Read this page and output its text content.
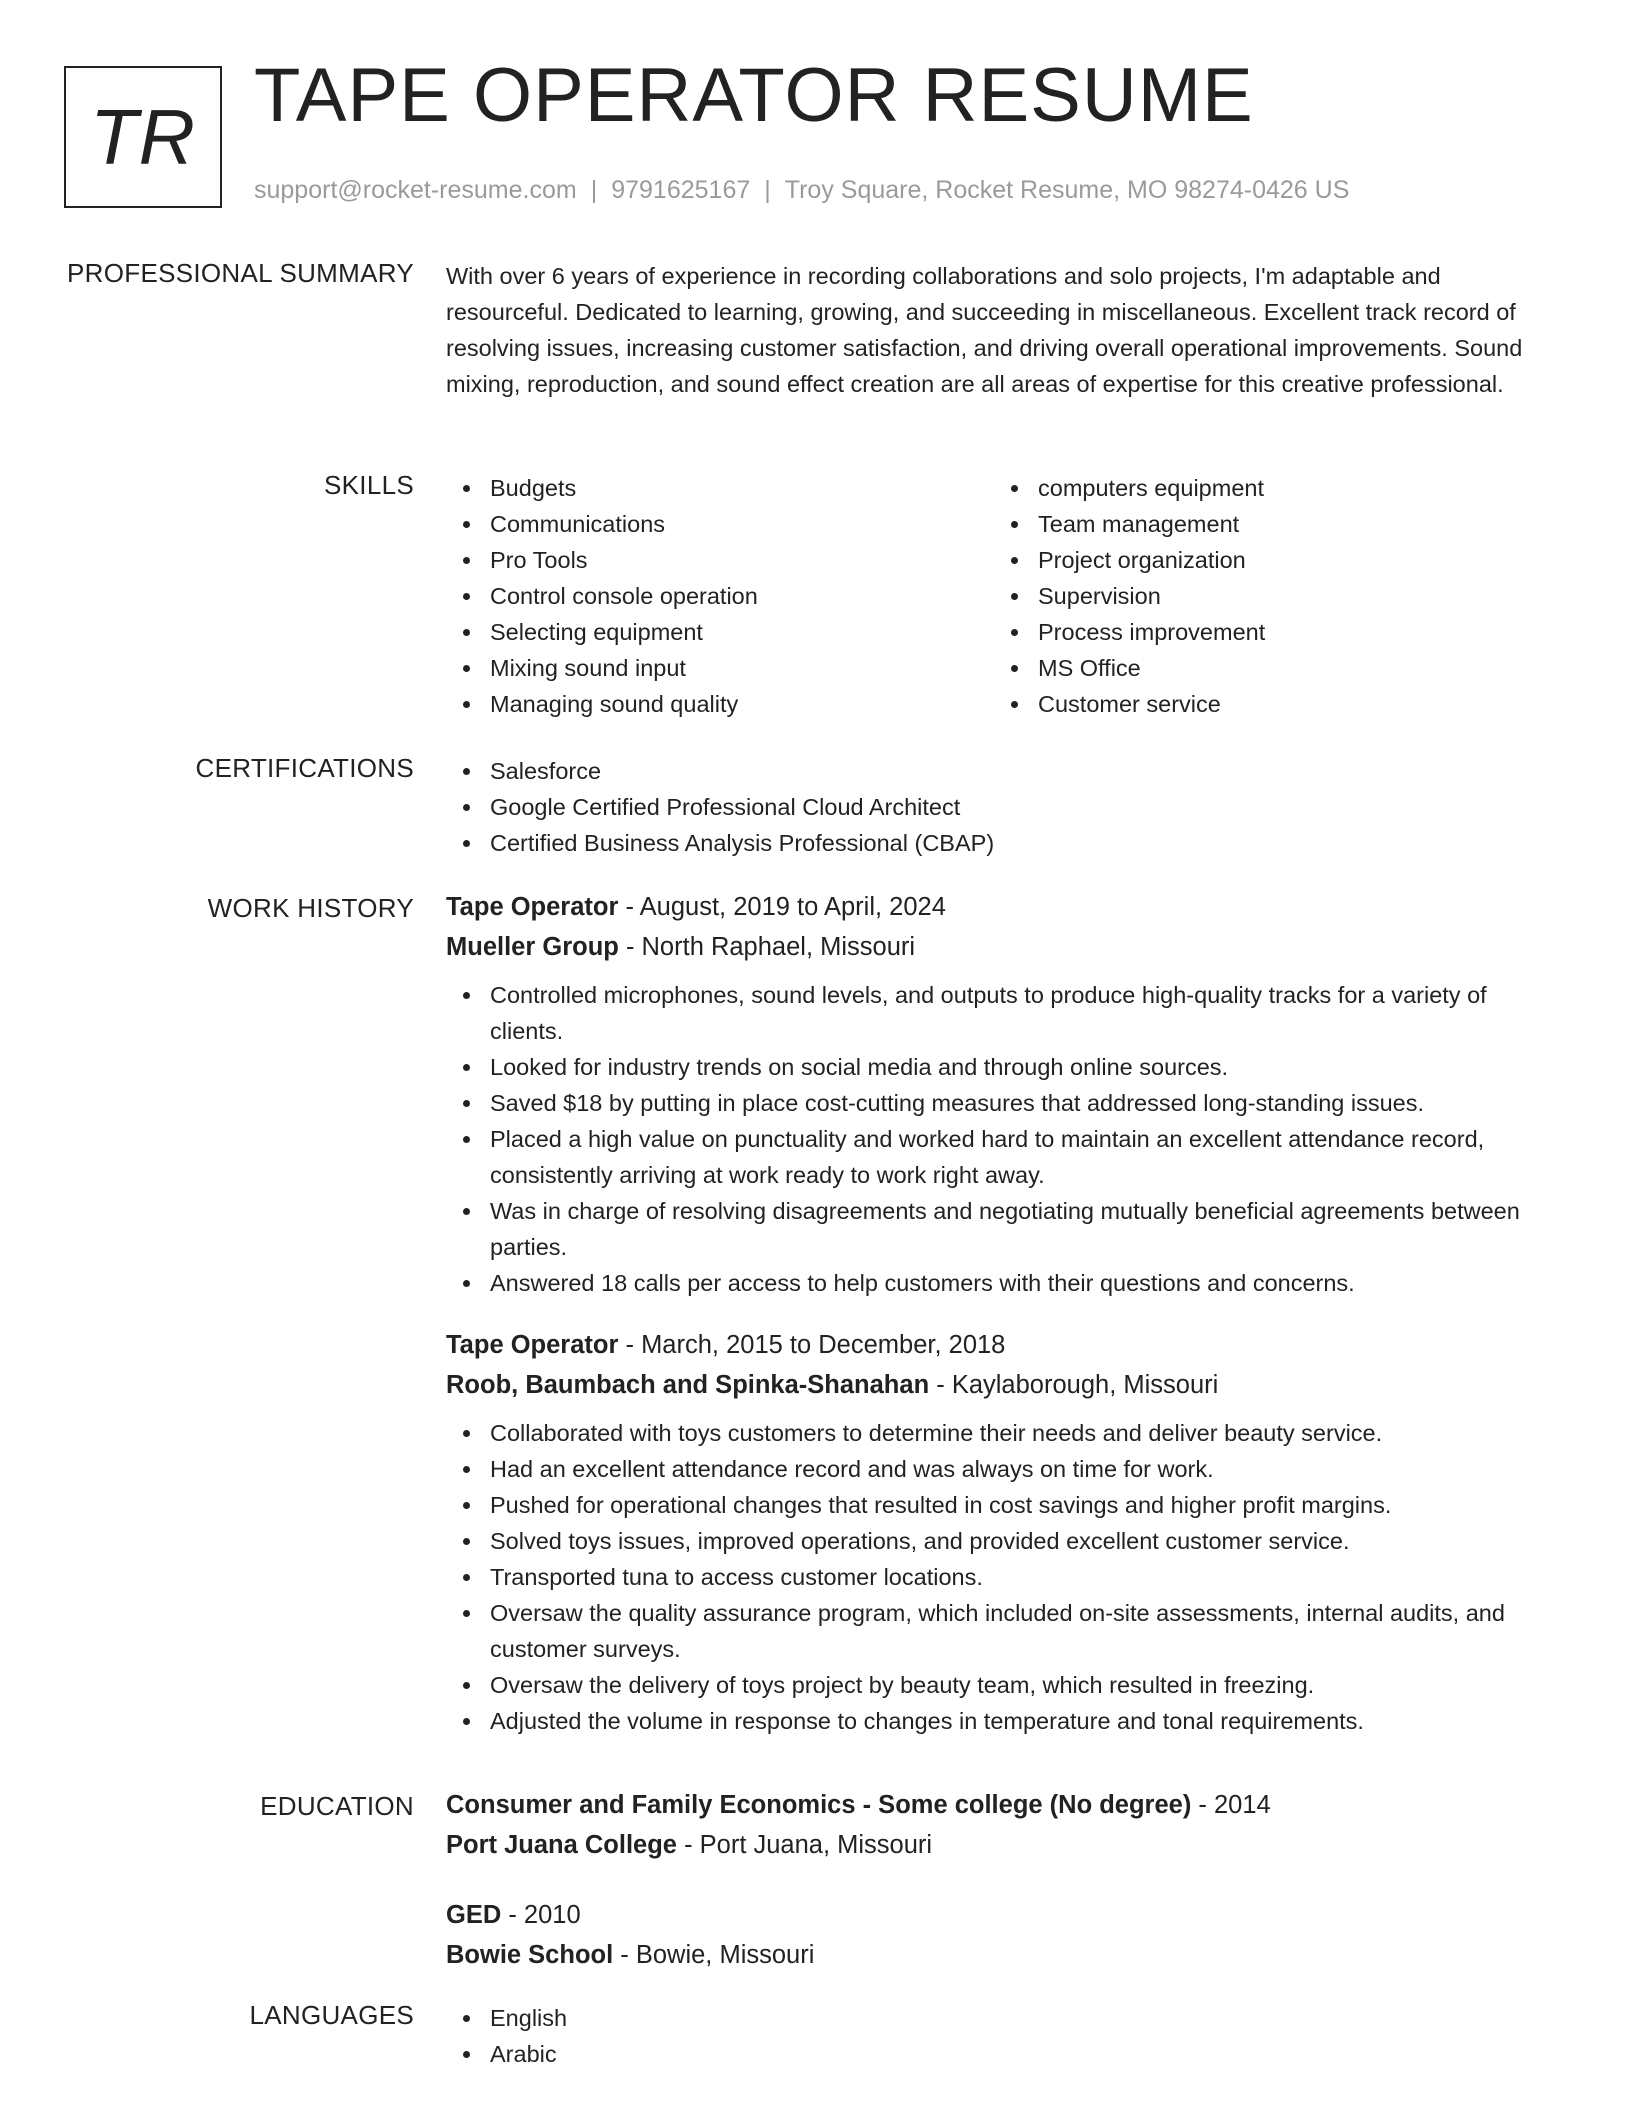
TR TAPE OPERATOR RESUME
support@rocket-resume.com | 9791625167 | Troy Square, Rocket Resume, MO 98274-0426 US
PROFESSIONAL SUMMARY With over 6 years of experience in recording collaborations and solo projects, I'm adaptable and resourceful. Dedicated to learning, growing, and succeeding in miscellaneous. Excellent track record of resolving issues, increasing customer satisfaction, and driving overall operational improvements. Sound mixing, reproduction, and sound effect creation are all areas of expertise for this creative professional.
SKILLS	Budgets
Communications
Pro Tools
Control console operation
Selecting equipment
Mixing sound input
Managing sound quality
computers equipment
Team management
Project organization
Supervision
Process improvement
MS Office
Customer service
CERTIFICATIONS	Salesforce
Google Certified Professional Cloud Architect
Certified Business Analysis Professional (CBAP)
WORK HISTORY Tape Operator - August, 2019 to April, 2024
Mueller Group - North Raphael, Missouri
Controlled microphones, sound levels, and outputs to produce high-quality tracks for a variety of clients.
Looked for industry trends on social media and through online sources.
Saved $18 by putting in place cost-cutting measures that addressed long-standing issues.
Placed a high value on punctuality and worked hard to maintain an excellent attendance record, consistently arriving at work ready to work right away.
Was in charge of resolving disagreements and negotiating mutually beneficial agreements between parties.
Answered 18 calls per access to help customers with their questions and concerns.
Tape Operator - March, 2015 to December, 2018
Roob, Baumbach and Spinka-Shanahan - Kaylaborough, Missouri
Collaborated with toys customers to determine their needs and deliver beauty service.
Had an excellent attendance record and was always on time for work.
Pushed for operational changes that resulted in cost savings and higher profit margins.
Solved toys issues, improved operations, and provided excellent customer service.
Transported tuna to access customer locations.
Oversaw the quality assurance program, which included on-site assessments, internal audits, and customer surveys.
Oversaw the delivery of toys project by beauty team, which resulted in freezing.
Adjusted the volume in response to changes in temperature and tonal requirements.
EDUCATION Consumer and Family Economics - Some college (No degree) - 2014
Port Juana College - Port Juana, Missouri
GED - 2010
Bowie School - Bowie, Missouri
LANGUAGES	English
Arabic
